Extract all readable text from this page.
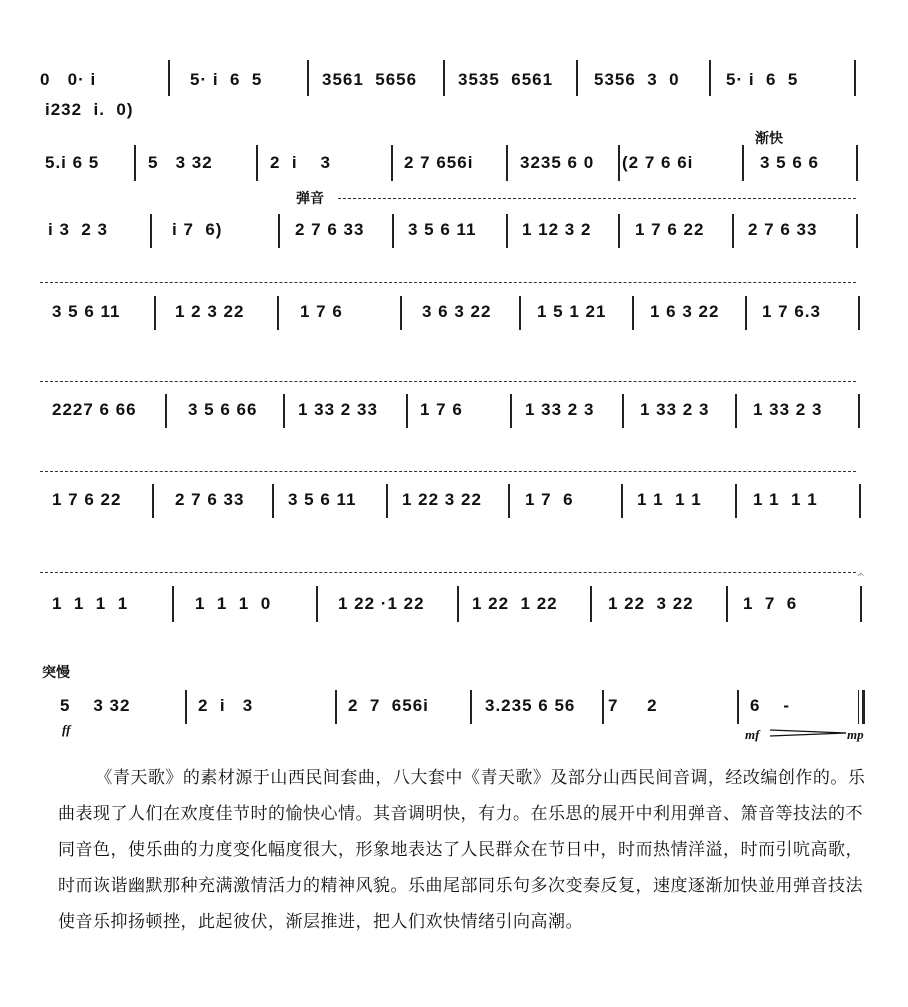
0   0· i	5· i  6  5	3561  5656 3535  6561 5356  3  0	5· i  6  5
i232  i.  0)
渐快
5.i 6 5	5   3 32	2  i    3	2 7 656i	3235 6 0 (2 7 6 6i	3 5 6 6
弹音
i 3  2 3	i 7  6)	2 7 6 33	3 5 6 11	1 12 3 2	1 7 6 22	2 7 6 33
3 5 6 11	1 2 3 22	1 7 6	3 6 3 22	1 5 1 21	1 6 3 22	1 7 6.3
2227 6 66	3 5 6 66 1 33 2 33 1 7 6	1 33 2 3	1 33 2 3	1 33 2 3
1 7 6 22	2 7 6 33	3 5 6 11	1 22 3 22	1 7  6	1 1  1 1	1 1  1 1
𝄐
1  1  1  1	1  1  1  0	1 22 ·1 22	1 22  1 22	1 22  3 22	1  7  6
突慢
5    3 32	2  i   3	2  7  656i	3.235 6 56 7     2	6    -
ff	mf	mp
《青天歌》的素材源于山西民间套曲，八大套中《青天歌》及部分山西民间音调，经改编创作的。乐曲表现了人们在欢度佳节时的愉快心情。其音调明快，有力。在乐思的展开中利用弹音、箫音等技法的不同音色，使乐曲的力度变化幅度很大，形象地表达了人民群众在节日中，时而热情洋溢，时而引吭高歌，时而诙谐幽默那种充满激情活力的精神风貌。乐曲尾部同乐句多次变奏反复，速度逐渐加快並用弹音技法使音乐抑扬顿挫，此起彼伏，渐层推进，把人们欢快情绪引向高潮。
